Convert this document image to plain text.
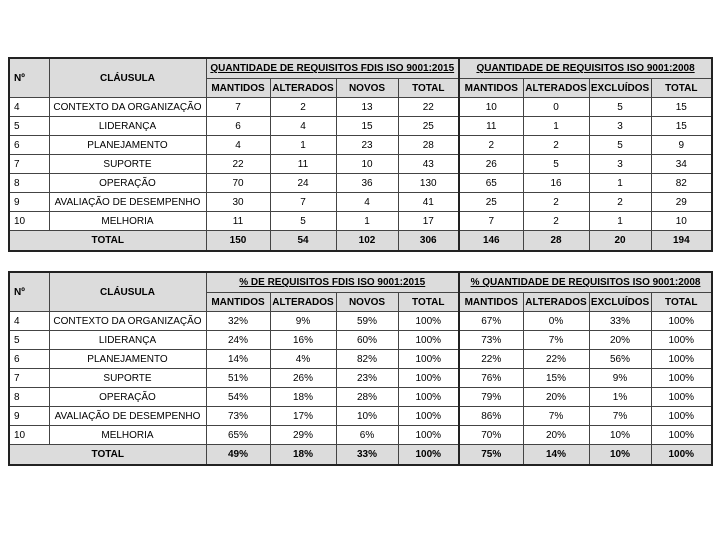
Nº	CLÁUSULA	QUANTIDADE DE REQUISITOS FDIS ISO 9001:2015				QUANTIDADE DE REQUISITOS ISO 9001:2008			
		MANTIDOS	ALTERADOS	NOVOS	TOTAL	MANTIDOS	ALTERADOS	EXCLUÍDOS	TOTAL
4	CONTEXTO DA ORGANIZAÇÃO	7	2	13	22	10	0	5	15
5	LIDERANÇA	6	4	15	25	11	1	3	15
6	PLANEJAMENTO	4	1	23	28	2	2	5	9
7	SUPORTE	22	11	10	43	26	5	3	34
8	OPERAÇÃO	70	24	36	130	65	16	1	82
9	AVALIAÇÃO DE DESEMPENHO	30	7	4	41	25	2	2	29
10	MELHORIA	11	5	1	17	7	2	1	10
TOTAL		150	54	102	306	146	28	20	194
Nº	CLÁUSULA	% DE REQUISITOS FDIS ISO 9001:2015				% QUANTIDADE DE REQUISITOS ISO 9001:2008			
		MANTIDOS	ALTERADOS	NOVOS	TOTAL	MANTIDOS	ALTERADOS	EXCLUÍDOS	TOTAL
4	CONTEXTO DA ORGANIZAÇÃO	32%	9%	59%	100%	67%	0%	33%	100%
5	LIDERANÇA	24%	16%	60%	100%	73%	7%	20%	100%
6	PLANEJAMENTO	14%	4%	82%	100%	22%	22%	56%	100%
7	SUPORTE	51%	26%	23%	100%	76%	15%	9%	100%
8	OPERAÇÃO	54%	18%	28%	100%	79%	20%	1%	100%
9	AVALIAÇÃO DE DESEMPENHO	73%	17%	10%	100%	86%	7%	7%	100%
10	MELHORIA	65%	29%	6%	100%	70%	20%	10%	100%
TOTAL		49%	18%	33%	100%	75%	14%	10%	100%
